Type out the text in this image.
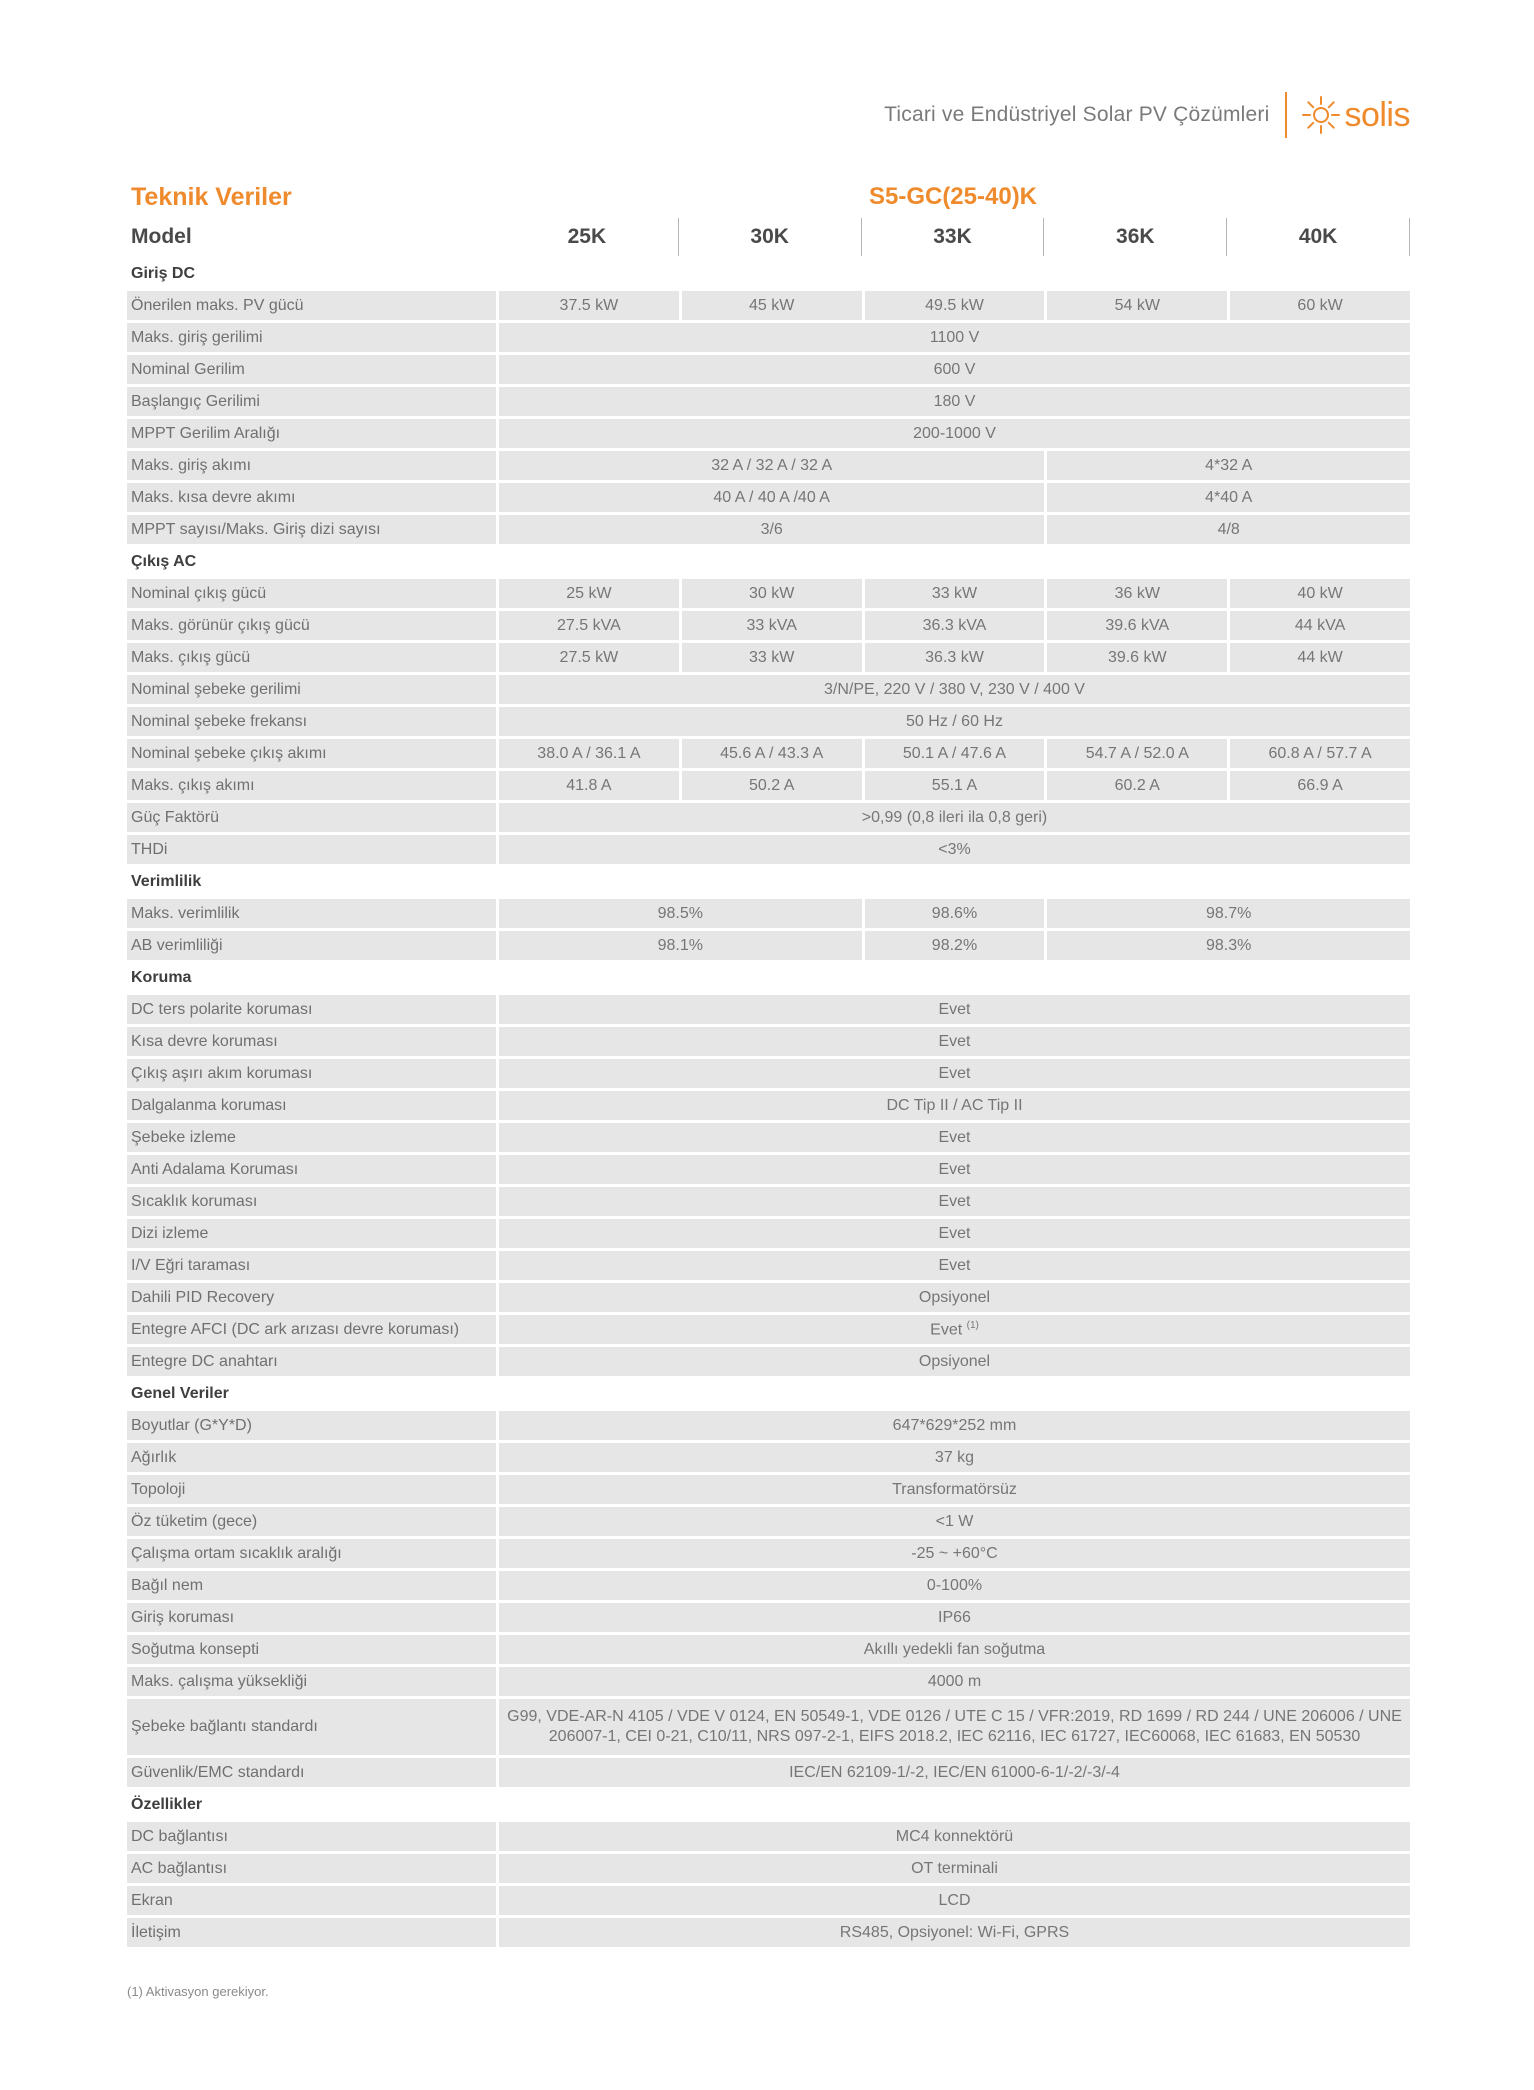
Ticari ve Endüstriyel Solar PV Çözümleri solis
Teknik Veriler	S5-GC(25-40)K				
Model	25K	30K	33K	36K	40K
Giriş DC					
Önerilen maks. PV gücü	37.5 kW	45 kW	49.5 kW	54 kW	60 kW
Maks. giriş gerilimi	1100 V				
Nominal Gerilim	600 V				
Başlangıç Gerilimi	180 V				
MPPT Gerilim Aralığı	200-1000 V				
Maks. giriş akımı	32 A / 32 A / 32 A			4*32 A	
Maks. kısa devre akımı	40 A / 40 A /40 A			4*40 A	
MPPT sayısı/Maks. Giriş dizi sayısı	3/6			4/8	
Çıkış AC					
Nominal çıkış gücü	25 kW	30 kW	33 kW	36 kW	40 kW
Maks. görünür çıkış gücü	27.5 kVA	33 kVA	36.3 kVA	39.6 kVA	44 kVA
Maks. çıkış gücü	27.5 kW	33 kW	36.3 kW	39.6 kW	44 kW
Nominal şebeke gerilimi	3/N/PE, 220 V / 380 V, 230 V / 400 V				
Nominal şebeke frekansı	50 Hz / 60 Hz				
Nominal şebeke çıkış akımı	38.0 A / 36.1 A	45.6 A / 43.3 A	50.1 A / 47.6 A	54.7 A / 52.0 A	60.8 A / 57.7 A
Maks. çıkış akımı	41.8 A	50.2 A	55.1 A	60.2 A	66.9 A
Güç Faktörü	>0,99 (0,8 ileri ila 0,8 geri)				
THDi	<3%				
Verimlilik					
Maks. verimlilik	98.5%		98.6%	98.7%	
AB verimliliği	98.1%		98.2%	98.3%	
Koruma					
DC ters polarite koruması	Evet				
Kısa devre koruması	Evet				
Çıkış aşırı akım koruması	Evet				
Dalgalanma koruması	DC Tip II / AC Tip II				
Şebeke izleme	Evet				
Anti Adalama Koruması	Evet				
Sıcaklık koruması	Evet				
Dizi izleme	Evet				
I/V Eğri taraması	Evet				
Dahili PID Recovery	Opsiyonel				
Entegre AFCI (DC ark arızası devre koruması)	Evet $^{(1)}$
Entegre DC anahtarı	Opsiyonel				
Genel Veriler					
Boyutlar (G*Y*D)	647*629*252 mm				
Ağırlık	37 kg				
Topoloji	Transformatörsüz				
Öz tüketim (gece)	<1 W				
Çalışma ortam sıcaklık aralığı	-25 ~ +60°C				
Bağıl nem	0-100%				
Giriş koruması	IP66				
Soğutma konsepti	Akıllı yedekli fan soğutma				
Maks. çalışma yüksekliği	4000 m				
Şebeke bağlantı standardı	G99, VDE-AR-N 4105 / VDE V 0124, EN 50549-1, VDE 0126 / UTE C 15 / VFR:2019, RD 1699 / RD 244 / UNE 206006 / UNE 206007-1, CEI 0-21, C10/11, NRS 097-2-1, EIFS 2018.2, IEC 62116, IEC 61727, IEC60068, IEC 61683, EN 50530				
Güvenlik/EMC standardı	IEC/EN 62109-1/-2, IEC/EN 61000-6-1/-2/-3/-4				
Özellikler					
DC bağlantısı	MC4 konnektörü				
AC bağlantısı	OT terminali				
Ekran	LCD				
İletişim	RS485, Opsiyonel: Wi-Fi, GPRS				
(1) Aktivasyon gerekiyor.
